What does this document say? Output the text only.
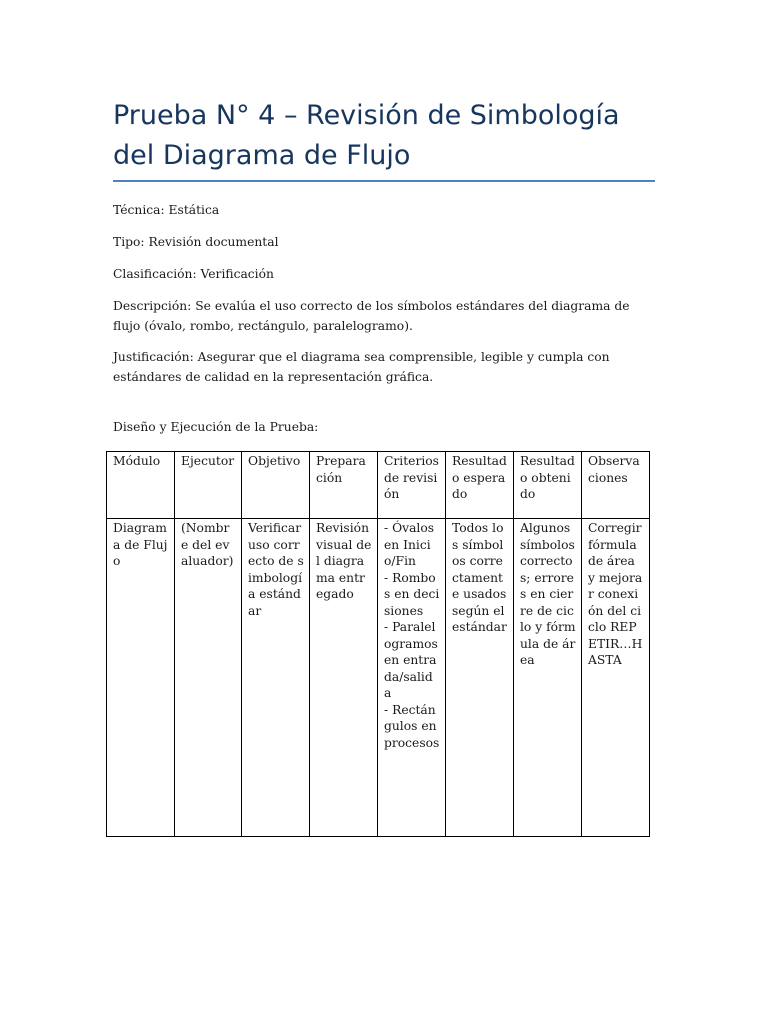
Prueba N° 4 – Revisión de Simbología del Diagrama de Flujo

Técnica: Estática

Tipo: Revisión documental

Clasificación: Verificación

Descripción: Se evalúa el uso correcto de los símbolos estándares del diagrama de flujo (óvalo, rombo, rectángulo, paralelogramo).

Justificación: Asegurar que el diagrama sea comprensible, legible y cumpla con estándares de calidad en la representación gráfica.

Diseño y Ejecución de la Prueba:

Módulo	Ejecutor	Objetivo	Preparación	Criterios de revisión	Resultado esperado	Resultado obtenido	Observaciones
Diagrama de Flujo	(Nombre del evaluador)	Verificar uso correcto de simbología estándar	Revisión visual del diagrama entregado	- Óvalos en Inicio/Fin
- Rombos en decisiones
- Paralelogramos en entrada/salida
- Rectángulos en procesos	Todos los símbolos correctamente usados según el estándar	Algunos símbolos correctos; errores en cierre de ciclo y fórmula de área	Corregir fórmula de área y mejorar conexión del ciclo REPETIR…HASTA
